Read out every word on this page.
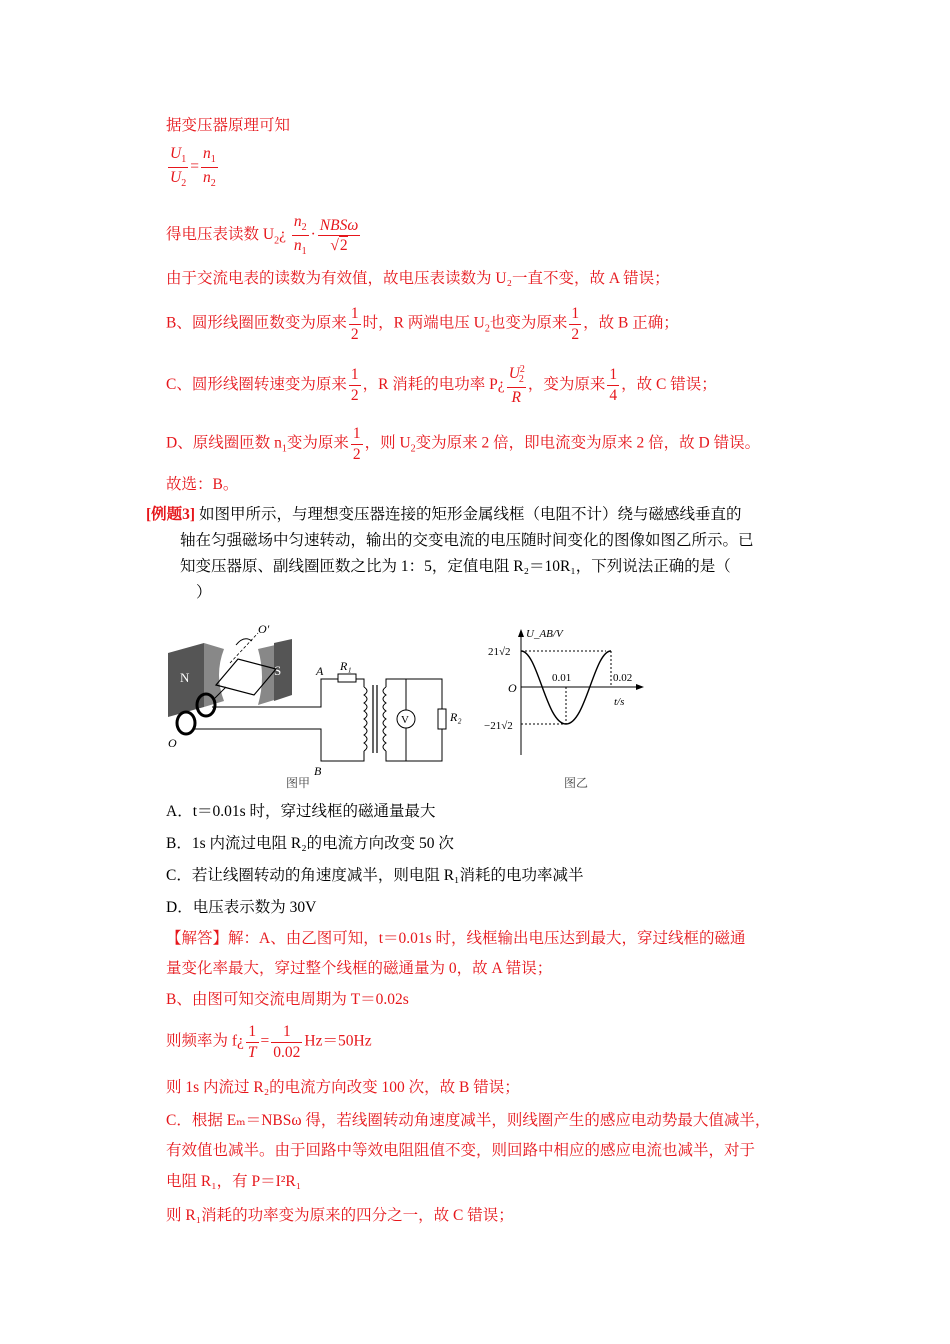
据变压器原理可知
$\frac{U_1}{U_2} = \frac{n_1}{n_2}$
得电压表读数 $U_2¿ \frac{n_2}{n_1} \cdot \frac{\text{NBSω}}{√2}$
由于交流电表的读数为有效值，故电压表读数为 U₂一直不变，故 A 错误；
B、圆形线圈匝数变为原来 $\frac{1}{2}$ 时，R 两端电压 $U_2$也变为原来 $\frac{1}{2}$ ，故 B 正确；
C、圆形线圈转速变为原来 $\frac{1}{2}$ ，R 消耗的电功率 P¿ $\frac{U^2_2}{R}$ ，变为原来 $\frac{1}{4}$ ，故 C 错误；
D、原线圈匝数 $n_1$变为原来 $\frac{1}{2}$ ，则 $U_2$变为原来 2 倍，即电流变为原来 2 倍，故 D 错误。
故选：B。
[例题3] 如图甲所示，与理想变压器连接的矩形金属线框（电阻不计）绕与磁感线垂直的
轴在匀强磁场中匀速转动，输出的交变电流的电压随时间变化的图像如图乙所示。已
知变压器原、副线圈匝数之比为 1：5，定值电阻 R₂＝10R₁，下列说法正确的是（
）
N	S
O′
O
A
B
R₁
V	R₂
图甲
U_AB/V
21√2
−21√2
O
0.01	0.02
t/s
图乙
A．t＝0.01s 时，穿过线框的磁通量最大
B．1s 内流过电阻 R₂的电流方向改变 50 次
C．若让线圈转动的角速度减半，则电阻 R₁消耗的电功率减半
D．电压表示数为 30V
【解答】解：A、由乙图可知，t＝0.01s 时，线框输出电压达到最大，穿过线框的磁通
量变化率最大，穿过整个线框的磁通量为 0，故 A 错误；
B、由图可知交流电周期为 T＝0.02s
则频率为 f¿ $\frac{1}{T} = \frac{1}{0.02} Hz=50Hz$
则 1s 内流过 R₂的电流方向改变 100 次，故 B 错误；
C．根据 Eₘ＝NBSω 得，若线圈转动角速度减半，则线圈产生的感应电动势最大值减半，
有效值也减半。由于回路中等效电阻阻值不变，则回路中相应的感应电流也减半，对于
电阻 R₁，有 P＝I²R₁
则 R₁消耗的功率变为原来的四分之一，故 C 错误；
